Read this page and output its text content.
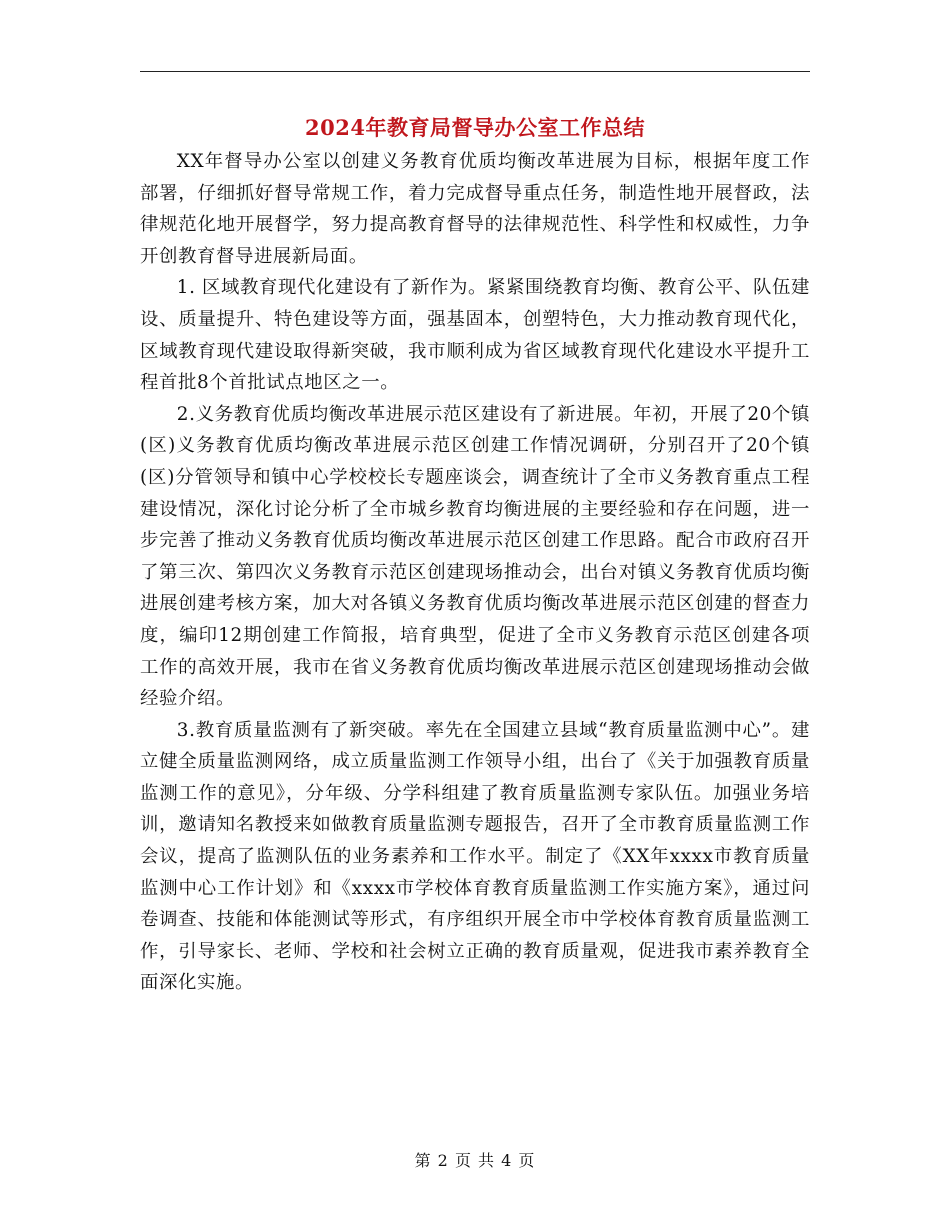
2024年教育局督导办公室工作总结

XX年督导办公室以创建义务教育优质均衡改革进展为目标，根据年度工作部署，仔细抓好督导常规工作，着力完成督导重点任务，制造性地开展督政，法律规范化地开展督学，努力提高教育督导的法律规范性、科学性和权威性，力争开创教育督导进展新局面。

1. 区域教育现代化建设有了新作为。紧紧围绕教育均衡、教育公平、队伍建设、质量提升、特色建设等方面，强基固本，创塑特色，大力推动教育现代化，区域教育现代建设取得新突破，我市顺利成为省区域教育现代化建设水平提升工程首批8个首批试点地区之一。

2.义务教育优质均衡改革进展示范区建设有了新进展。年初，开展了20个镇(区)义务教育优质均衡改革进展示范区创建工作情况调研，分别召开了20个镇(区)分管领导和镇中心学校校长专题座谈会，调查统计了全市义务教育重点工程建设情况，深化讨论分析了全市城乡教育均衡进展的主要经验和存在问题，进一步完善了推动义务教育优质均衡改革进展示范区创建工作思路。配合市政府召开了第三次、第四次义务教育示范区创建现场推动会，出台对镇义务教育优质均衡进展创建考核方案，加大对各镇义务教育优质均衡改革进展示范区创建的督查力度，编印12期创建工作简报，培育典型，促进了全市义务教育示范区创建各项工作的高效开展，我市在省义务教育优质均衡改革进展示范区创建现场推动会做经验介绍。

3.教育质量监测有了新突破。率先在全国建立县域“教育质量监测中心”。建立健全质量监测网络，成立质量监测工作领导小组，出台了《关于加强教育质量监测工作的意见》，分年级、分学科组建了教育质量监测专家队伍。加强业务培训，邀请知名教授来如做教育质量监测专题报告，召开了全市教育质量监测工作会议，提高了监测队伍的业务素养和工作水平。制定了《XX年xxxx市教育质量监测中心工作计划》和《xxxx市学校体育教育质量监测工作实施方案》，通过问卷调查、技能和体能测试等形式，有序组织开展全市中学校体育教育质量监测工作，引导家长、老师、学校和社会树立正确的教育质量观，促进我市素养教育全面深化实施。

第 2 页 共 4 页
